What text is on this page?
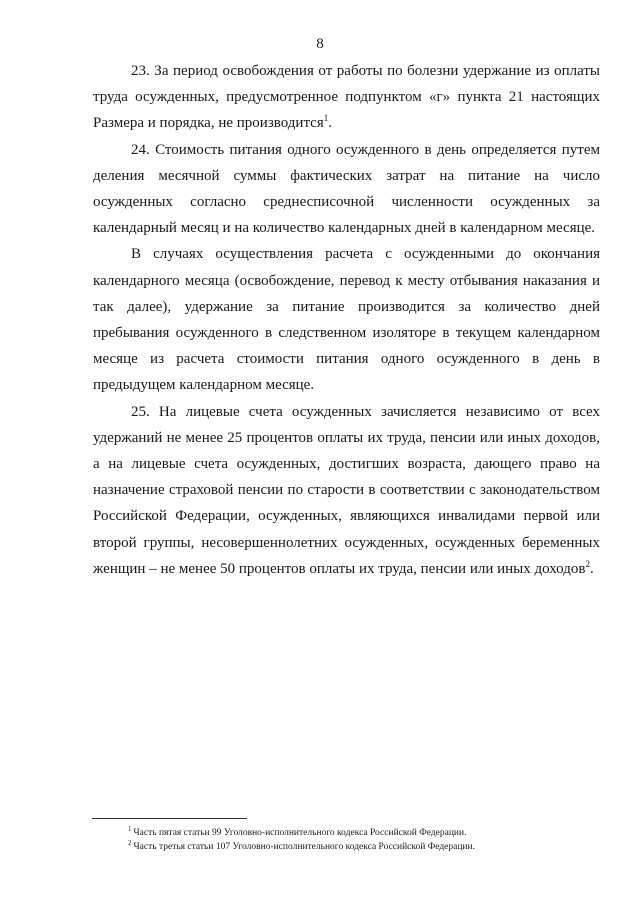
8

23. За период освобождения от работы по болезни удержание из оплаты труда осужденных, предусмотренное подпунктом «г» пункта 21 настоящих Размера и порядка, не производится$^1$.

24. Стоимость питания одного осужденного в день определяется путем деления месячной суммы фактических затрат на питание на число осужденных согласно среднесписочной численности осужденных за календарный месяц и на количество календарных дней в календарном месяце.

В случаях осуществления расчета с осужденными до окончания календарного месяца (освобождение, перевод к месту отбывания наказания и так далее), удержание за питание производится за количество дней пребывания осужденного в следственном изоляторе в текущем календарном месяце из расчета стоимости питания одного осужденного в день в предыдущем календарном месяце.

25. На лицевые счета осужденных зачисляется независимо от всех удержаний не менее 25 процентов оплаты их труда, пенсии или иных доходов, а на лицевые счета осужденных, достигших возраста, дающего право на назначение страховой пенсии по старости в соответствии с законодательством Российской Федерации, осужденных, являющихся инвалидами первой или второй группы, несовершеннолетних осужденных, осужденных беременных женщин – не менее 50 процентов оплаты их труда, пенсии или иных доходов$^2$.

$^1$ Часть пятая статьи 99 Уголовно-исполнительного кодекса Российской Федерации.

$^2$ Часть третья статьи 107 Уголовно-исполнительного кодекса Российской Федерации.
